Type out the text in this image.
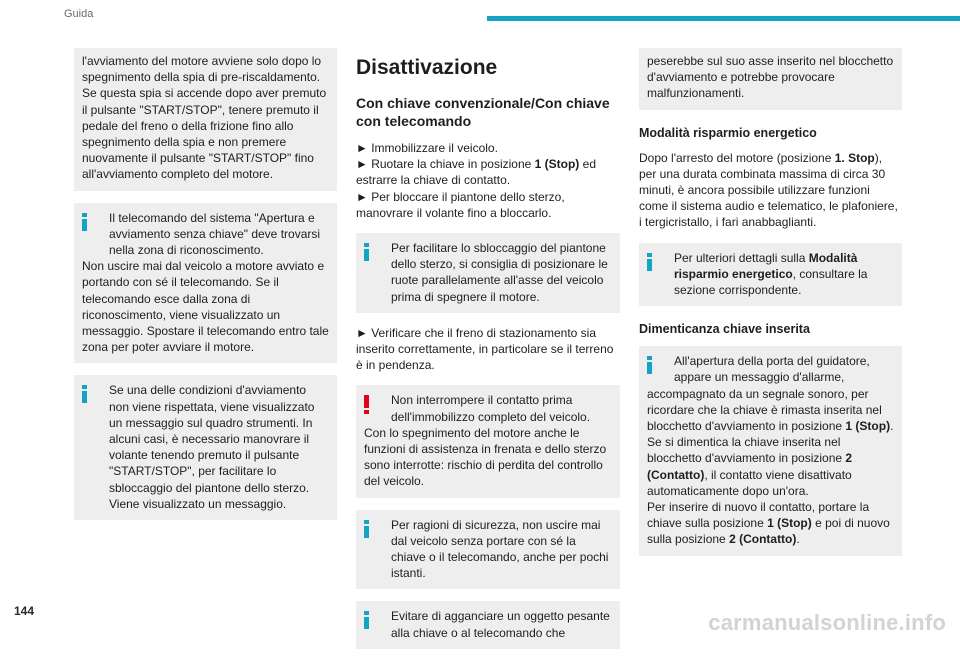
Guida
l'avviamento del motore avviene solo dopo lo spegnimento della spia di pre-riscaldamento. Se questa spia si accende dopo aver premuto il pulsante "START/STOP", tenere premuto il pedale del freno o della frizione fino allo spegnimento della spia e non premere nuovamente il pulsante "START/STOP" fino all'avviamento completo del motore.
Il telecomando del sistema "Apertura e avviamento senza chiave" deve trovarsi nella zona di riconoscimento.
Non uscire mai dal veicolo a motore avviato e portando con sé il telecomando. Se il telecomando esce dalla zona di riconoscimento, viene visualizzato un messaggio. Spostare il telecomando entro tale zona per poter avviare il motore.
Se una delle condizioni d'avviamento non viene rispettata, viene visualizzato un messaggio sul quadro strumenti. In alcuni casi, è necessario manovrare il volante tenendo premuto il pulsante "START/STOP", per facilitare lo sbloccaggio del piantone dello sterzo. Viene visualizzato un messaggio.
Disattivazione
Con chiave convenzionale/Con chiave con telecomando
► Immobilizzare il veicolo.
► Ruotare la chiave in posizione 1 (Stop) ed estrarre la chiave di contatto.
► Per bloccare il piantone dello sterzo, manovrare il volante fino a bloccarlo.
Per facilitare lo sbloccaggio del piantone dello sterzo, si consiglia di posizionare le ruote parallelamente all'asse del veicolo prima di spegnere il motore.
► Verificare che il freno di stazionamento sia inserito correttamente, in particolare se il terreno è in pendenza.
Non interrompere il contatto prima dell'immobilizzo completo del veicolo.
Con lo spegnimento del motore anche le funzioni di assistenza in frenata e dello sterzo sono interrotte: rischio di perdita del controllo del veicolo.
Per ragioni di sicurezza, non uscire mai dal veicolo senza portare con sé la chiave o il telecomando, anche per pochi istanti.
Evitare di agganciare un oggetto pesante alla chiave o al telecomando che
peserebbe sul suo asse inserito nel blocchetto d'avviamento e potrebbe provocare malfunzionamenti.
Modalità risparmio energetico
Dopo l'arresto del motore (posizione 1. Stop), per una durata combinata massima di circa 30 minuti, è ancora possibile utilizzare funzioni come il sistema audio e telematico, le plafoniere, i tergicristallo, i fari anabbaglianti.
Per ulteriori dettagli sulla Modalità risparmio energetico, consultare la sezione corrispondente.
Dimenticanza chiave inserita
All'apertura della porta del guidatore, appare un messaggio d'allarme,
accompagnato da un segnale sonoro, per ricordare che la chiave è rimasta inserita nel blocchetto d'avviamento in posizione 1 (Stop).
Se si dimentica la chiave inserita nel blocchetto d'avviamento in posizione 2 (Contatto), il contatto viene disattivato automaticamente dopo un'ora.
Per inserire di nuovo il contatto, portare la chiave sulla posizione 1 (Stop) e poi di nuovo sulla posizione 2 (Contatto).
144	carmanualsonline.info
